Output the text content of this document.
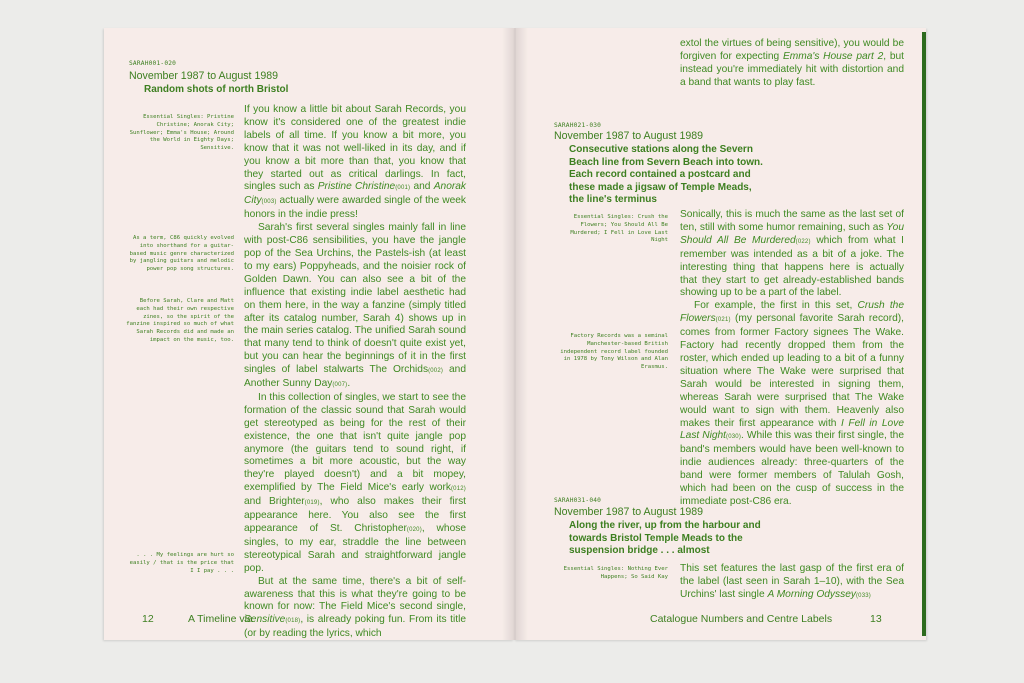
SARAH001-020
November 1987 to August 1989
Random shots of north Bristol
Essential Singles: Pristine Christine; Anorak City; Sunflower; Emma's House; Around the World in Eighty Days; Sensitive.
As a term, C86 quickly evolved into shorthand for a guitar-based music genre characterized by jangling guitars and melodic power pop song structures.
Before Sarah, Clare and Matt each had their own respective zines, so the spirit of the fanzine inspired so much of what Sarah Records did and made an impact on the music, too.
. . . My feelings are hurt so easily / that is the price that I I pay . . .

If you know a little bit about Sarah Records, you know it's considered one of the greatest indie labels of all time. If you know a bit more, you know that it was not well-liked in its day, and if you know a bit more than that, you know that they started out as critical darlings. In fact, singles such as Pristine Christine(001) and Anorak City(003) actually were awarded single of the week honors in the indie press!

Sarah's first several singles mainly fall in line with post-C86 sensibilities, you have the jangle pop of the Sea Urchins, the Pastels-ish (at least to my ears) Poppyheads, and the noisier rock of Golden Dawn. You can also see a bit of the influence that existing indie label aesthetic had on them here, in the way a fanzine (simply titled after its catalog number, Sarah 4) shows up in the main series catalog. The unified Sarah sound that many tend to think of doesn't quite exist yet, but you can hear the beginnings of it in the first singles of label stalwarts The Orchids(002) and Another Sunny Day(007).

In this collection of singles, we start to see the formation of the classic sound that Sarah would get stereotyped as being for the rest of their existence, the one that isn't quite jangle pop anymore (the guitars tend to sound right, if sometimes a bit more acoustic, but the way they're played doesn't) and a bit mopey, exemplified by The Field Mice's early work(012) and Brighter(019), who also makes their first appearance here. You also see the first appearance of St. Christopher(020), whose singles, to my ear, straddle the line between stereotypical Sarah and straightforward jangle pop.

But at the same time, there's a bit of self-awareness that this is what they're going to be known for now: The Field Mice's second single, Sensitive(018), is already poking fun. From its title (or by reading the lyrics, which

12	A Timeline via

extol the virtues of being sensitive), you would be forgiven for expecting Emma's House part 2, but instead you're immediately hit with distortion and a band that wants to play fast.

SARAH021-030
November 1987 to August 1989
Consecutive stations along the Severn Beach line from Severn Beach into town. Each record contained a postcard and these made a jigsaw of Temple Meads, the line's terminus
Essential Singles: Crush the Flowers; You Should All Be Murdered; I Fell in Love Last Night
Factory Records was a seminal Manchester-based British independent record label founded in 1978 by Tony Wilson and Alan Erasmus.

Sonically, this is much the same as the last set of ten, still with some humor remaining, such as You Should All Be Murdered(022) which from what I remember was intended as a bit of a joke. The interesting thing that happens here is actually that they start to get already-established bands showing up to be a part of the label.

For example, the first in this set, Crush the Flowers(021) (my personal favorite Sarah record), comes from former Factory signees The Wake. Factory had recently dropped them from the roster, which ended up leading to a bit of a funny situation where The Wake were surprised that Sarah would be interested in signing them, whereas Sarah were surprised that The Wake would want to sign with them. Heavenly also makes their first appearance with I Fell in Love Last Night(030). While this was their first single, the band's members would have been well-known to indie audiences already: three-quarters of the band were former members of Talulah Gosh, which had been on the cusp of success in the immediate post-C86 era.

SARAH031-040
November 1987 to August 1989
Along the river, up from the harbour and towards Bristol Temple Meads to the suspension bridge . . . almost
Essential Singles: Nothing Ever Happens; So Said Kay

This set features the last gasp of the first era of the label (last seen in Sarah 1–10), with the Sea Urchins' last single A Morning Odyssey(033)

Catalogue Numbers and Centre Labels	13
